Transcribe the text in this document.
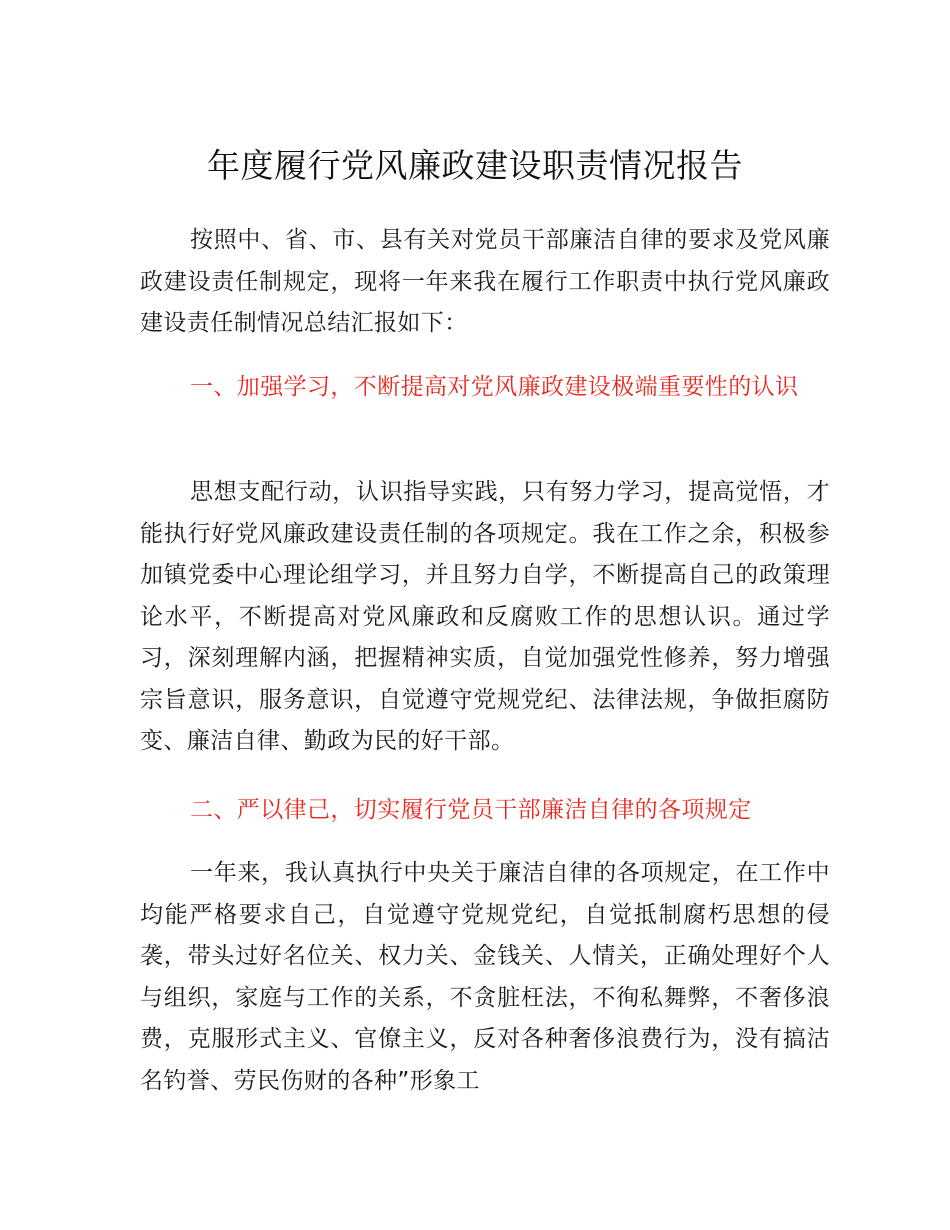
年度履行党风廉政建设职责情况报告

按照中、省、市、县有关对党员干部廉洁自律的要求及党风廉政建设责任制规定，现将一年来我在履行工作职责中执行党风廉政建设责任制情况总结汇报如下：

一、加强学习，不断提高对党风廉政建设极端重要性的认识

思想支配行动，认识指导实践，只有努力学习，提高觉悟，才能执行好党风廉政建设责任制的各项规定。我在工作之余，积极参加镇党委中心理论组学习，并且努力自学，不断提高自己的政策理论水平，不断提高对党风廉政和反腐败工作的思想认识。通过学习，深刻理解内涵，把握精神实质，自觉加强党性修养，努力增强宗旨意识，服务意识，自觉遵守党规党纪、法律法规，争做拒腐防变、廉洁自律、勤政为民的好干部。

二、严以律己，切实履行党员干部廉洁自律的各项规定

一年来，我认真执行中央关于廉洁自律的各项规定，在工作中均能严格要求自己，自觉遵守党规党纪，自觉抵制腐朽思想的侵袭，带头过好名位关、权力关、金钱关、人情关，正确处理好个人与组织，家庭与工作的关系，不贪脏枉法，不徇私舞弊，不奢侈浪费，克服形式主义、官僚主义，反对各种奢侈浪费行为，没有搞沽名钓誉、劳民伤财的各种”形象工
